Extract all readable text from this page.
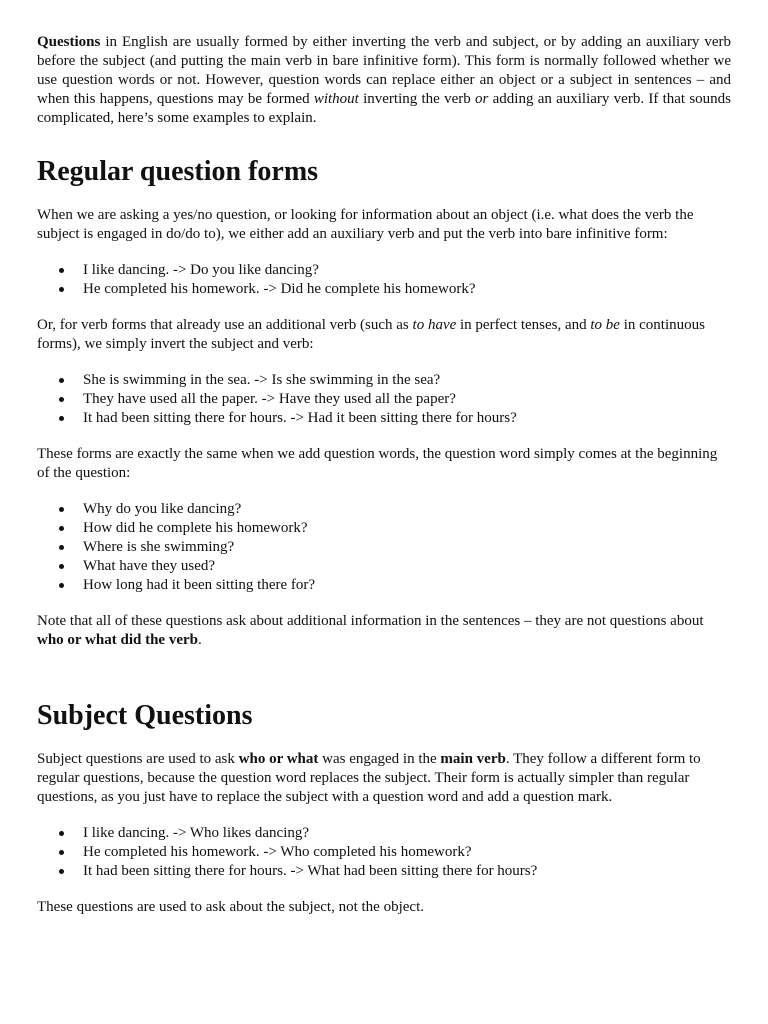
Questions in English are usually formed by either inverting the verb and subject, or by adding an auxiliary verb before the subject (and putting the main verb in bare infinitive form). This form is normally followed whether we use question words or not. However, question words can replace either an object or a subject in sentences – and when this happens, questions may be formed without inverting the verb or adding an auxiliary verb. If that sounds complicated, here’s some examples to explain.

Regular question forms

When we are asking a yes/no question, or looking for information about an object (i.e. what does the verb the subject is engaged in do/do to), we either add an auxiliary verb and put the verb into bare infinitive form:

I like dancing. -> Do you like dancing?
He completed his homework. -> Did he complete his homework?

Or, for verb forms that already use an additional verb (such as to have in perfect tenses, and to be in continuous forms), we simply invert the subject and verb:

She is swimming in the sea. -> Is she swimming in the sea?
They have used all the paper. -> Have they used all the paper?
It had been sitting there for hours. -> Had it been sitting there for hours?

These forms are exactly the same when we add question words, the question word simply comes at the beginning of the question:

Why do you like dancing?
How did he complete his homework?
Where is she swimming?
What have they used?
How long had it been sitting there for?

Note that all of these questions ask about additional information in the sentences – they are not questions about who or what did the verb.

Subject Questions

Subject questions are used to ask who or what was engaged in the main verb. They follow a different form to regular questions, because the question word replaces the subject. Their form is actually simpler than regular questions, as you just have to replace the subject with a question word and add a question mark.

I like dancing. -> Who likes dancing?
He completed his homework. -> Who completed his homework?
It had been sitting there for hours. -> What had been sitting there for hours?

These questions are used to ask about the subject, not the object.
